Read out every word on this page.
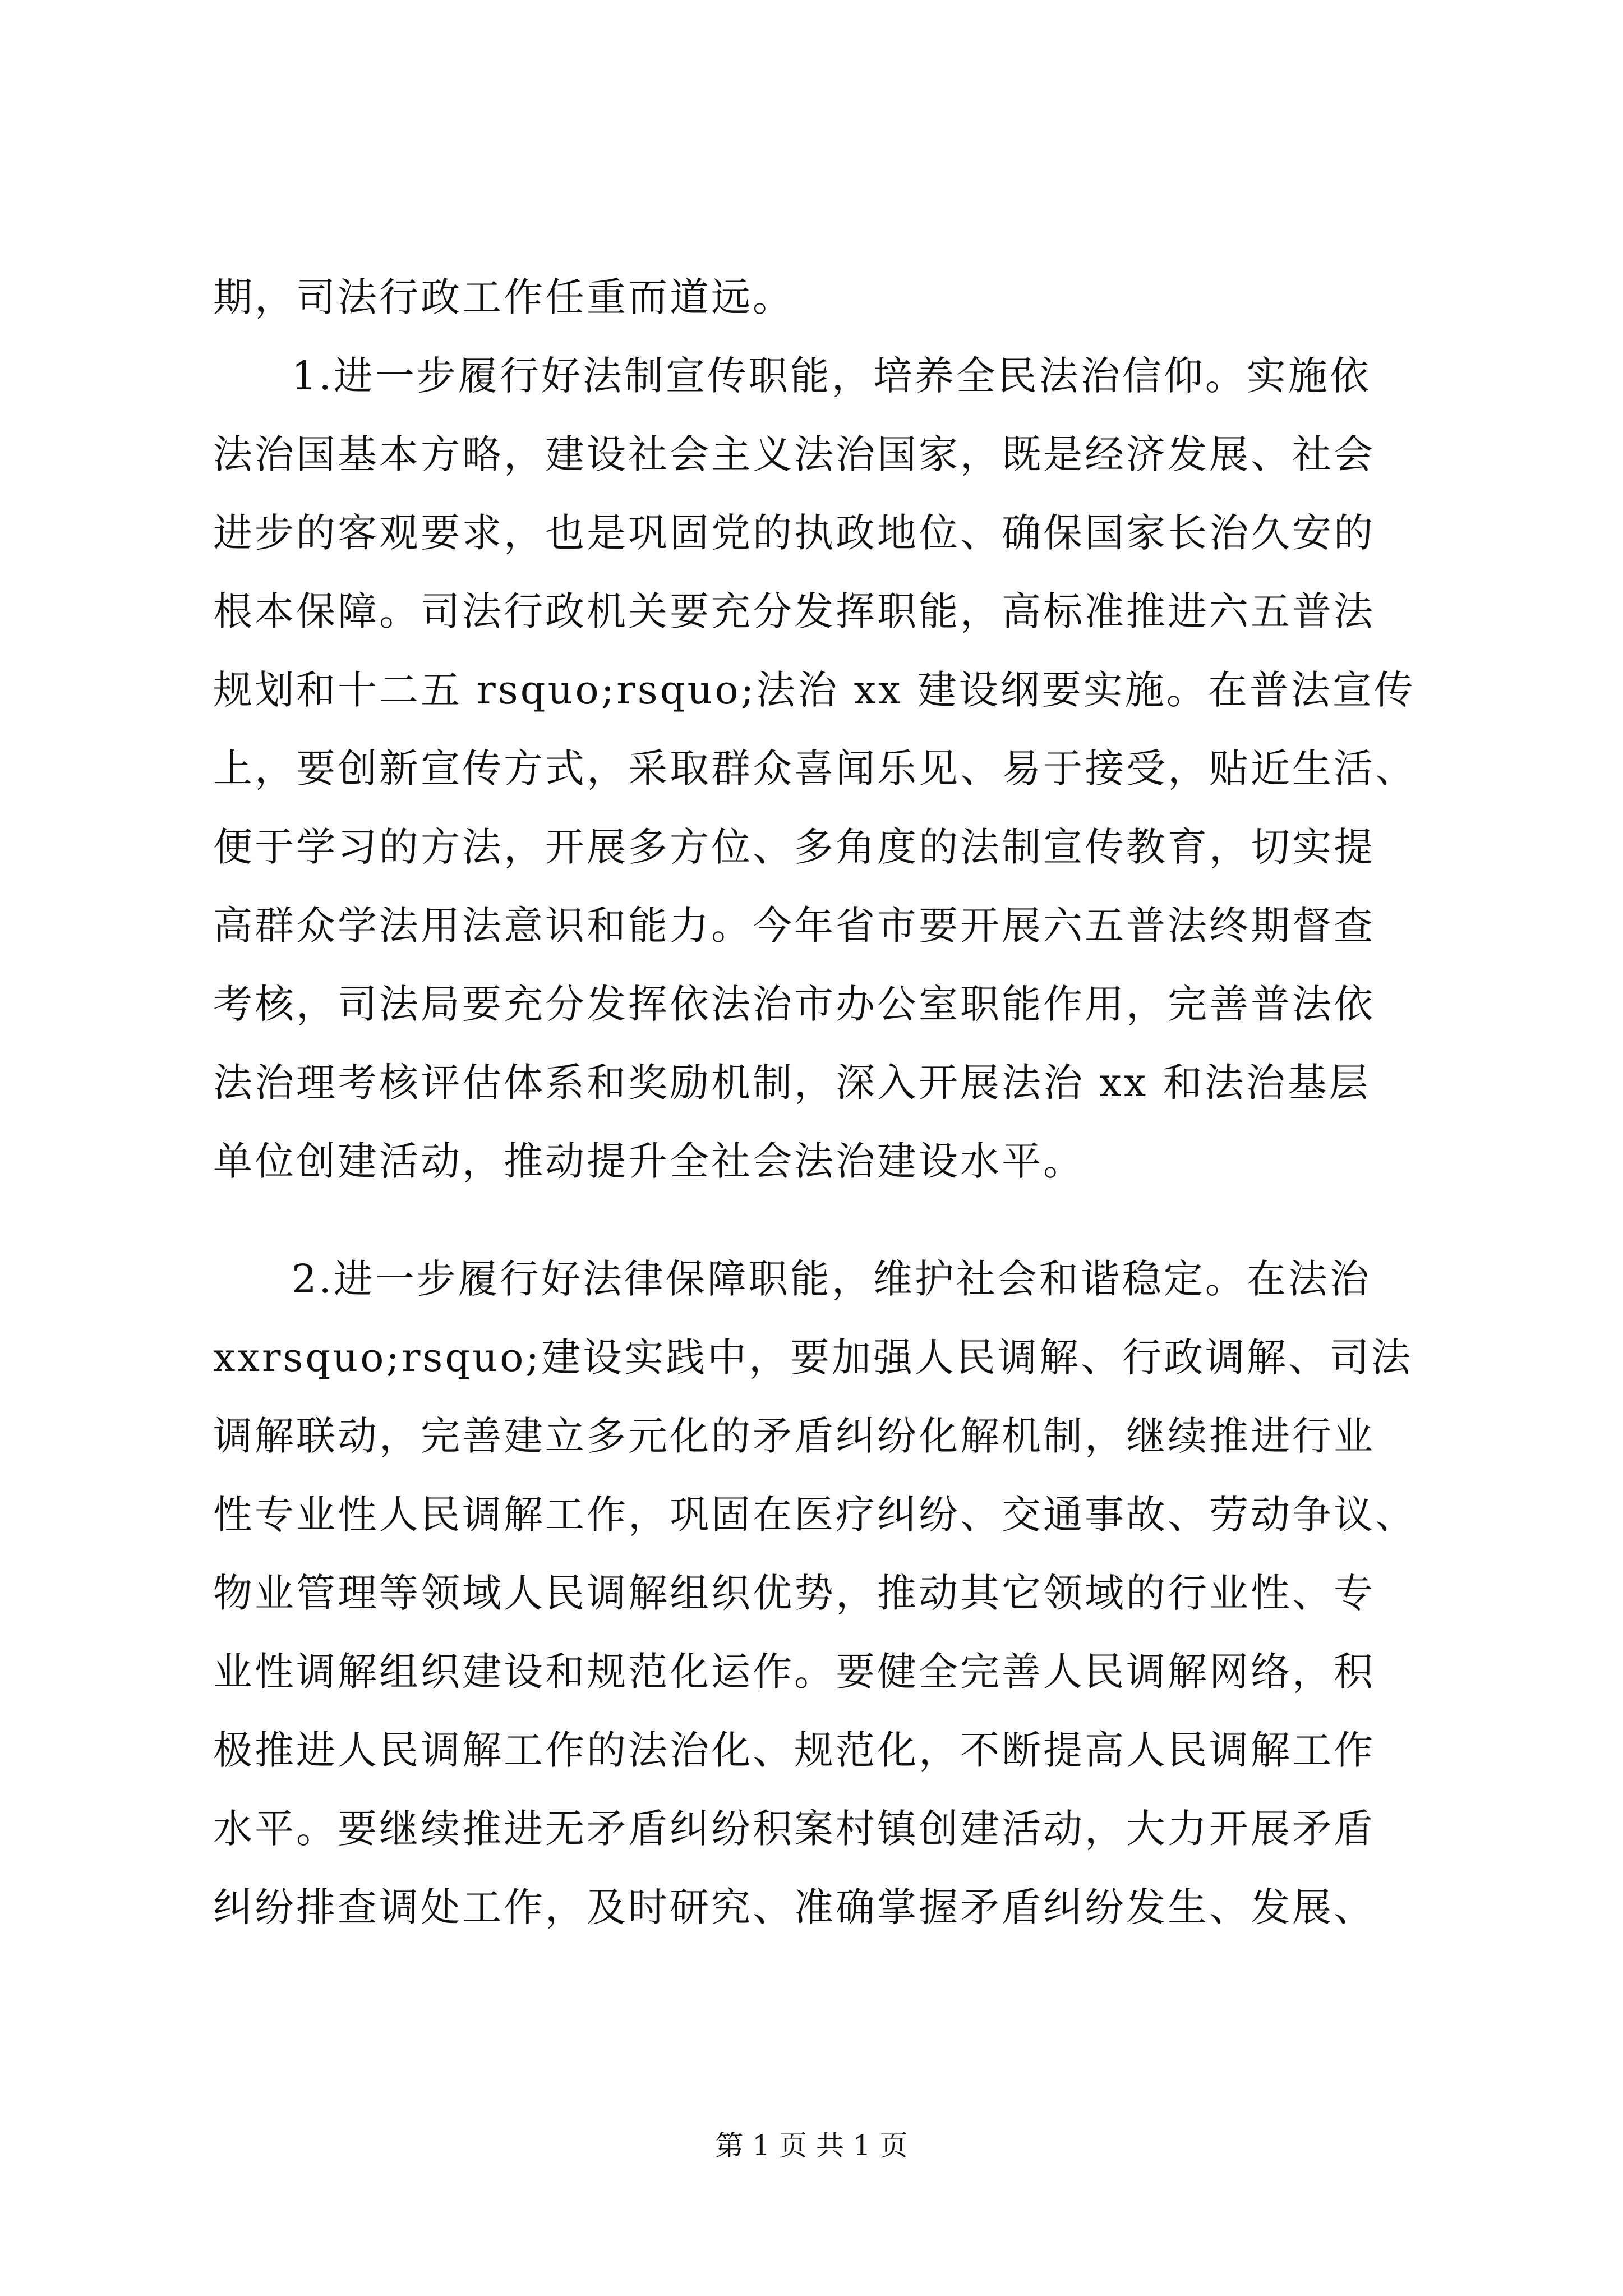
期，司法行政工作任重而道远。
1.进一步履行好法制宣传职能，培养全民法治信仰。实施依
法治国基本方略，建设社会主义法治国家，既是经济发展、社会
进步的客观要求，也是巩固党的执政地位、确保国家长治久安的
根本保障。司法行政机关要充分发挥职能，高标准推进六五普法
规划和十二五 rsquo;rsquo;法治 xx 建设纲要实施。在普法宣传
上，要创新宣传方式，采取群众喜闻乐见、易于接受，贴近生活、
便于学习的方法，开展多方位、多角度的法制宣传教育，切实提
高群众学法用法意识和能力。今年省市要开展六五普法终期督查
考核，司法局要充分发挥依法治市办公室职能作用，完善普法依
法治理考核评估体系和奖励机制，深入开展法治 xx 和法治基层
单位创建活动，推动提升全社会法治建设水平。
2.进一步履行好法律保障职能，维护社会和谐稳定。在法治
xxrsquo;rsquo;建设实践中，要加强人民调解、行政调解、司法
调解联动，完善建立多元化的矛盾纠纷化解机制，继续推进行业
性专业性人民调解工作，巩固在医疗纠纷、交通事故、劳动争议、
物业管理等领域人民调解组织优势，推动其它领域的行业性、专
业性调解组织建设和规范化运作。要健全完善人民调解网络，积
极推进人民调解工作的法治化、规范化，不断提高人民调解工作
水平。要继续推进无矛盾纠纷积案村镇创建活动，大力开展矛盾
纠纷排查调处工作，及时研究、准确掌握矛盾纠纷发生、发展、
第 1 页 共 1 页
